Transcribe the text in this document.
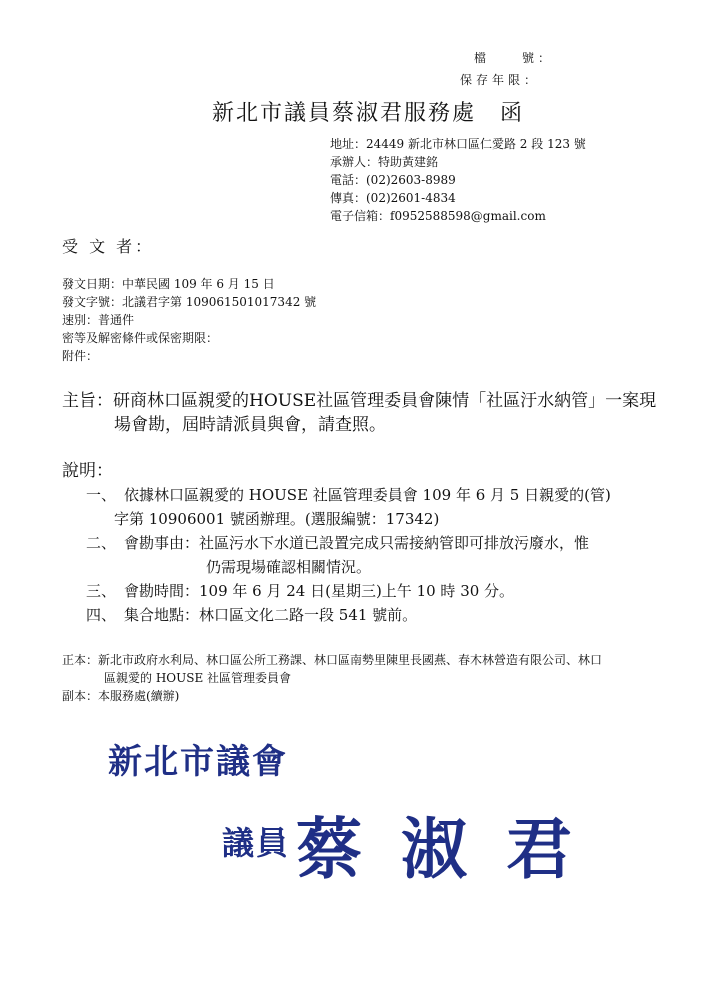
檔　　號：
保存年限：
新北市議員蔡淑君服務處　函
地址：24449 新北市林口區仁愛路 2 段 123 號
承辦人：特助黃建銘
電話：(02)2603-8989
傳真：(02)2601-4834
電子信箱：f0952588598@gmail.com
受 文 者：
發文日期：中華民國 109 年 6 月 15 日
發文字號：北議君字第 109061501017342 號
速別：普通件
密等及解密條件或保密期限：
附件：
主旨：研商林口區親愛的HOUSE社區管理委員會陳情「社區汙水納管」一案現
場會勘，屆時請派員與會，請查照。
說明：
一、 依據林口區親愛的 HOUSE 社區管理委員會 109 年 6 月 5 日親愛的(管)
字第 10906001 號函辦理。(選服編號：17342)
二、 會勘事由：社區污水下水道已設置完成只需接納管即可排放污廢水，惟
仍需現場確認相關情況。
三、 會勘時間：109 年 6 月 24 日(星期三)上午 10 時 30 分。
四、 集合地點：林口區文化二路一段 541 號前。
正本：新北市政府水利局、林口區公所工務課、林口區南勢里陳里長國燕、春木林營造有限公司、林口
區親愛的 HOUSE 社區管理委員會
副本：本服務處(續辦)
新北市議會
議員 蔡 淑 君
